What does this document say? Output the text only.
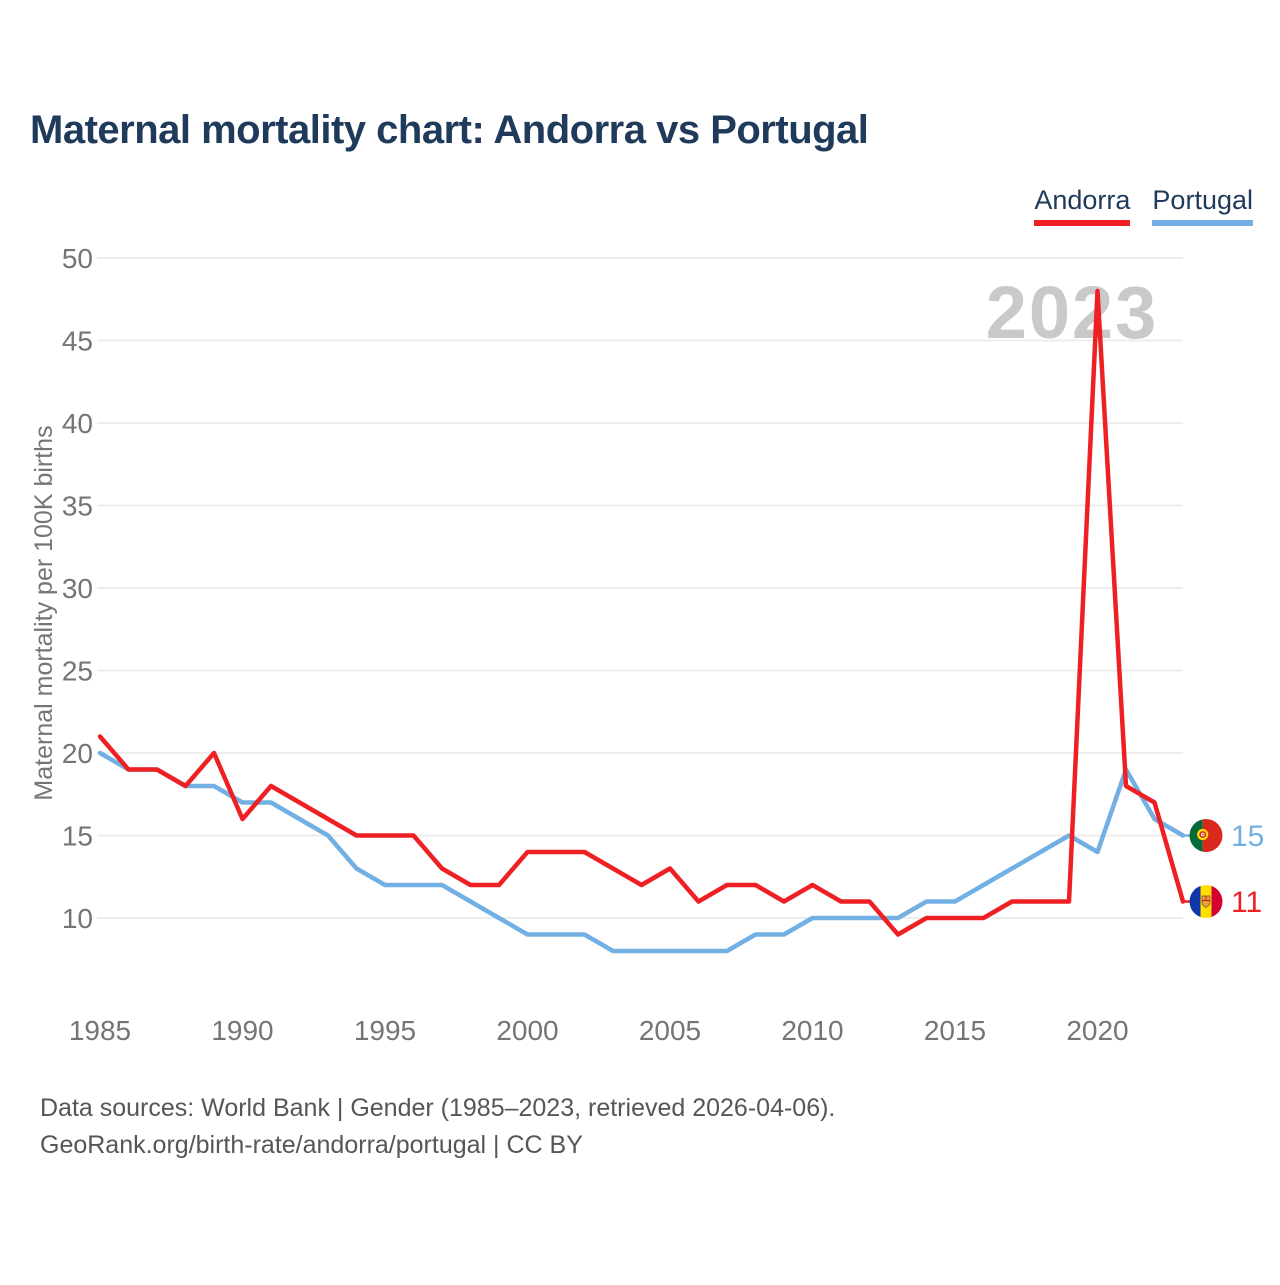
2023
10
15
20
25
30
35
40
45
50
1985	1990	1995	2000	2005	2010	2015	2020
Maternal mortality per 100K births
11
15
Maternal mortality chart: Andorra vs Portugal
Andorra Portugal
Data sources: World Bank | Gender (1985–2023, retrieved 2026-04-06).
GeoRank.org/birth-rate/andorra/portugal | CC BY
